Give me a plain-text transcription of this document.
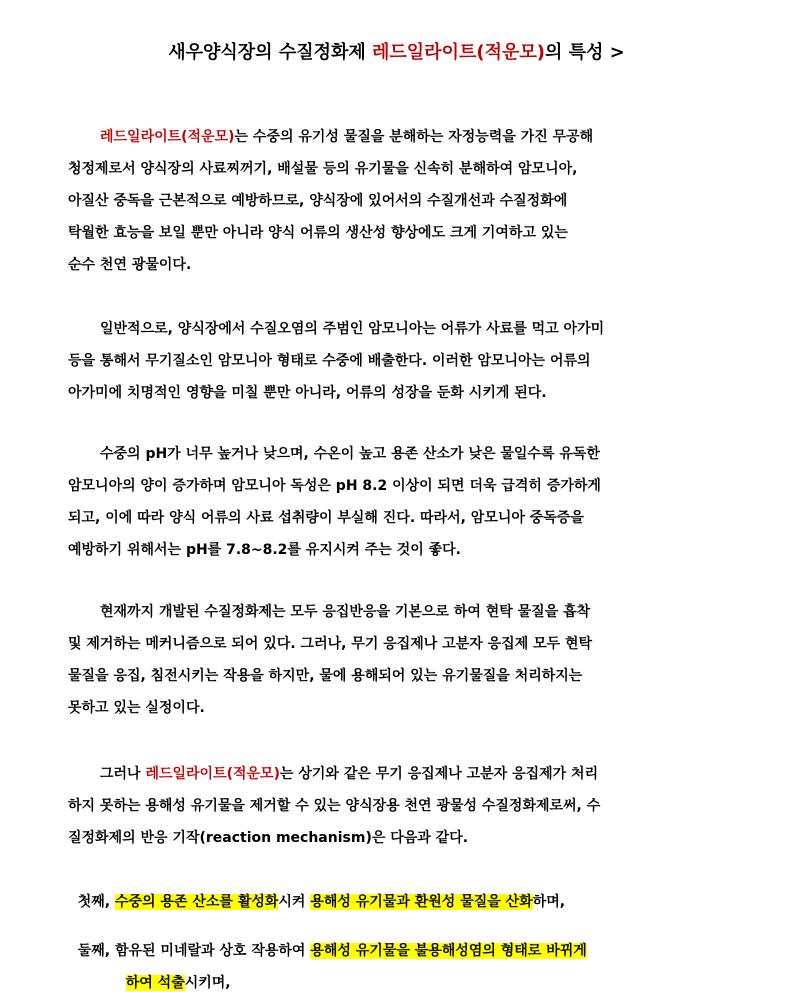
새우양식장의 수질정화제 레드일라이트(적운모)의 특성 >
레드일라이트(적운모)는 수중의 유기성 물질을 분해하는 자정능력을 가진 무공해
청정제로서 양식장의 사료찌꺼기, 배설물 등의 유기물을 신속히 분해하여 암모니아,
아질산 중독을 근본적으로 예방하므로, 양식장에 있어서의 수질개선과 수질정화에
탁월한 효능을 보일 뿐만 아니라 양식 어류의 생산성 향상에도 크게 기여하고 있는
순수 천연 광물이다.
일반적으로, 양식장에서 수질오염의 주범인 암모니아는 어류가 사료를 먹고 아가미
등을 통해서 무기질소인 암모니아 형태로 수중에 배출한다. 이러한 암모니아는 어류의
아가미에 치명적인 영향을 미칠 뿐만 아니라, 어류의 성장을 둔화 시키게 된다.
수중의 pH가 너무 높거나 낮으며, 수온이 높고 용존 산소가 낮은 물일수록 유독한
암모니아의 양이 증가하며 암모니아 독성은 pH 8.2 이상이 되면 더욱 급격히 증가하게
되고, 이에 따라 양식 어류의 사료 섭취량이 부실해 진다. 따라서, 암모니아 중독증을
예방하기 위해서는 pH를 7.8~8.2를 유지시켜 주는 것이 좋다.
현재까지 개발된 수질정화제는 모두 응집반응을 기본으로 하여 현탁 물질을 흡착
및 제거하는 메커니즘으로 되어 있다. 그러나, 무기 응집제나 고분자 응집제 모두 현탁
물질을 응집, 침전시키는 작용을 하지만, 물에 용해되어 있는 유기물질을 처리하지는
못하고 있는 실정이다.
그러나 레드일라이트(적운모)는 상기와 같은 무기 응집제나 고분자 응집제가 처리
하지 못하는 용해성 유기물을 제거할 수 있는 양식장용 천연 광물성 수질정화제로써, 수
질정화제의 반응 기작(reaction mechanism)은 다음과 같다.

첫째, 수중의 용존 산소를 활성화시켜 용해성 유기물과 환원성 물질을 산화하며,

둘째, 함유된 미네랄과 상호 작용하여 용해성 유기물을 불용해성염의 형태로 바뀌게

하여 석출시키며,
